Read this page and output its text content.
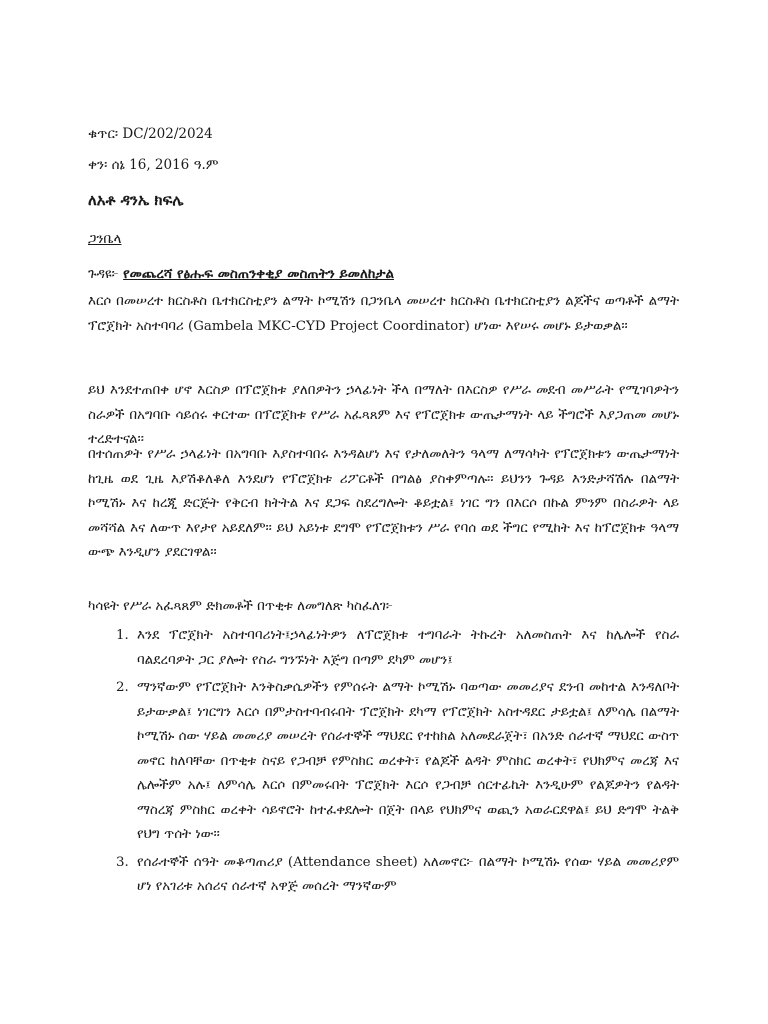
ቁጥር፡ DC/202/2024
ቀን፡ ሰኔ 16, 2016 ዓ.ም
ለአቶ ዳንኤ ክፍሌ
ጋንቤላ
ጉዳዩ፦ የመጨረሻ የፅሑፍ መስጠንቀቂያ መስጠትን ይመለከታል

እርሶ በመሠረተ ክርስቶስ ቤተክርስቲያን ልማት ኮሚሽን በጋንቤላ መሠረተ ክርስቶስ ቤተክርስቲያን ልጆችና ወጣቶች ልማት ፕሮጀክት አስተባባሪ (Gambela MKC-CYD Project Coordinator) ሆነው እየሠሩ መሆኑ ይታወቃል፡፡

ይህ እንደተጠበቀ ሆኖ እርስዎ በፕሮጀክቱ ያለበዎትን ኃላፊነት ችላ በማለት በእርስዎ የሥራ መደብ መሥራት የሚገባዎትን ስራዎች በአግባቡ ሳይሰሩ ቀርተው በፕሮጀክቱ የሥራ አፈጻጸም እና የፕሮጀክቱ ውጤታማነት ላይ ችግሮች እያጋጠመ መሆኑ ተረድተናል፡፡

በተሰጠዎት የሥራ ኃላፊነት በአግባቡ እያስተባበሩ እንዳልሆነ እና የታለመለትን ዓላማ ለማሳካት የፕሮጀክቱን ውጤታማነት ከጊዜ ወደ ጊዜ እያሽቆለቆለ እንደሆነ የፕሮጀክቱ ሪፖርቶች በግልፅ ያስቀምጣሉ፡፡ ይህንን ጉዳይ እንድታሻሽሉ በልማት ኮሚሽኑ እና ከረጂ ድርጅት የቅርብ ክትትል እና ደጋፍ ስደረግሎት ቆይቷል፤ ነገር ግን በእርሶ በኩል ምንም በስራዎት ላይ መሻሻል እና ለውጥ እየታየ አይደለም፡፡ ይህ አይነቱ ደግሞ የፕሮጀክቱን ሥራ የባሰ ወደ ችግር የሚከት እና ከፕሮጀክቱ ዓላማ ውጭ እንዲሆን ያደርገዋል፡፡

ካሳዩት የሥራ አፈጻጸም ድክመቶች በጥቂቱ ለመግለጽ ካስፈለገ፦

1. እንደ ፕሮጀክት አስተባባሪነት፤ኃላፊነትዎን ለፕሮጀክቱ ተግባራት ትኩረት አለመስጠት እና ከሌሎች የስራ ባልደረባዎት ጋር ያሎት የስራ ግንኙነት እጅግ በጣም ደካም መሆን፤
2. ማንኛውም የፕሮጀክት እንቅስቃሴዎችን የምሰሩት ልማት ኮሚሽኑ ባወጣው መመሪያና ደንብ መከተል እንዳለቦት ይታውቃል፤ ነገርግን እርሶ በምታስተባብሩበት ፕሮጀክት ደካማ የፕሮጀክት አስተዳደር ታይቷል፤ ለምሳሌ በልማት ኮሚሽኑ ሰው ሃይል መመሪያ መሠረት የሰራተኞች ማህደር የተከክል አለመደራጀት፣ በአንድ ሰራተኛ ማህደር ውስጥ መኖር ከለባቸው በጥቂቱ ስናይ የጋብቻ የምስክር ወረቀት፣ የልጆች ልዳት ምስክር ወረቀት፣ የህክምና መረጃ እና ሌሎችም አሉ፤ ለምሳሌ እርሶ በምመሩበት ፕሮጀክት እርሶ የጋብቻ ሰርተፊኬት እንዲሁም የልጆዎትን የልዳት ማስረጃ ምስክር ወረቀት ሳይኖሮት ከተፈቀደሎት በጀት በላይ የህክምና ወጪን አወራርደዋል፤ ይህ ድግሞ ትልቅ የህግ ጥሰት ነው፡፡
3. የሰራተኞች ሰዓት መቆጣጠሪያ (Attendance sheet) አለመኖር፦ በልማት ኮሚሽኑ የሰው ሃይል መመሪያም ሆነ የአገሪቱ አሰሪና ሰራተኛ አዋጅ መሰረት ማንኛውም
